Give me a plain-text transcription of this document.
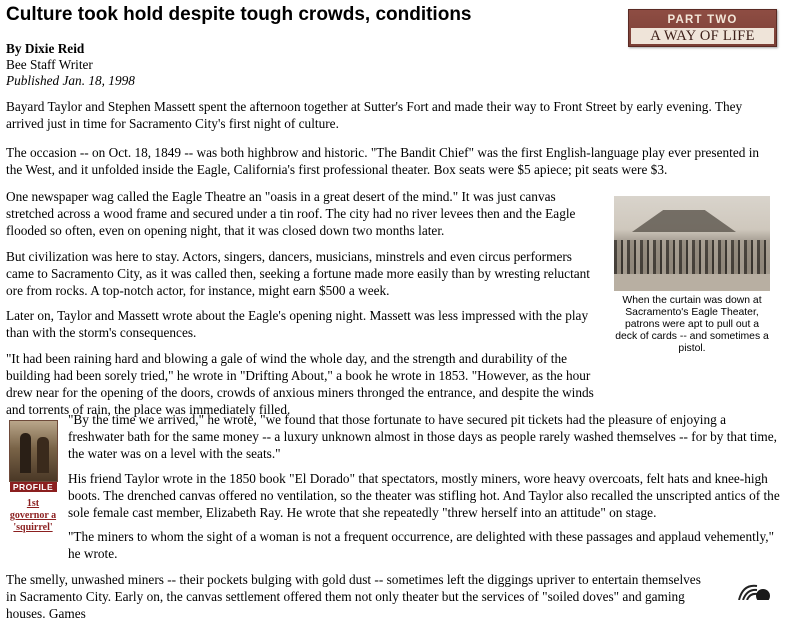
Culture took hold despite tough crowds, conditions	PART TWO
A WAY OF LIFE
By Dixie Reid
Bee Staff Writer
Published Jan. 18, 1998

Bayard Taylor and Stephen Massett spent the afternoon together at Sutter's Fort and made their way to Front Street by early evening. They arrived just in time for Sacramento City's first night of culture.

The occasion -- on Oct. 18, 1849 -- was both highbrow and historic. "The Bandit Chief" was the first English-language play ever presented in the West, and it unfolded inside the Eagle, California's first professional theater. Box seats were $5 apiece; pit seats were $3.

One newspaper wag called the Eagle Theatre an "oasis in a great desert of the mind." It was just canvas stretched across a wood frame and secured under a tin roof. The city had no river levees then and the Eagle flooded so often, even on opening night, that it was closed down two months later.

But civilization was here to stay. Actors, singers, dancers, musicians, minstrels and even circus performers came to Sacramento City, as it was called then, seeking a fortune made more easily than by wresting reluctant ore from rocks. A top-notch actor, for instance, might earn $500 a week.

Later on, Taylor and Massett wrote about the Eagle's opening night. Massett was less impressed with the play than with the storm's consequences.

"It had been raining hard and blowing a gale of wind the whole day, and the strength and durability of the building had been sorely tried," he wrote in "Drifting About," a book he wrote in 1853. "However, as the hour drew near for the opening of the doors, crowds of anxious miners thronged the entrance, and despite the winds and torrents of rain, the place was immediately filled.

When the curtain was down at Sacramento's Eagle Theater, patrons were apt to pull out a deck of cards -- and sometimes a pistol.
PROFILE
1st governor a 'squirrel'

"By the time we arrived," he wrote, "we found that those fortunate to have secured pit tickets had the pleasure of enjoying a freshwater bath for the same money -- a luxury unknown almost in those days as people rarely washed themselves -- for by that time, the water was on a level with the seats."

His friend Taylor wrote in the 1850 book "El Dorado" that spectators, mostly miners, wore heavy overcoats, felt hats and knee-high boots. The drenched canvas offered no ventilation, so the theater was stifling hot. And Taylor also recalled the unscripted antics of the sole female cast member, Elizabeth Ray. He wrote that she repeatedly "threw herself into an attitude" on stage.

"The miners to whom the sight of a woman is not a frequent occurrence, are delighted with these passages and applaud vehemently," he wrote.

The smelly, unwashed miners -- their pockets bulging with gold dust -- sometimes left the diggings upriver to entertain themselves in Sacramento City. Early on, the canvas settlement offered them not only theater but the services of "soiled doves" and gaming houses. Games
